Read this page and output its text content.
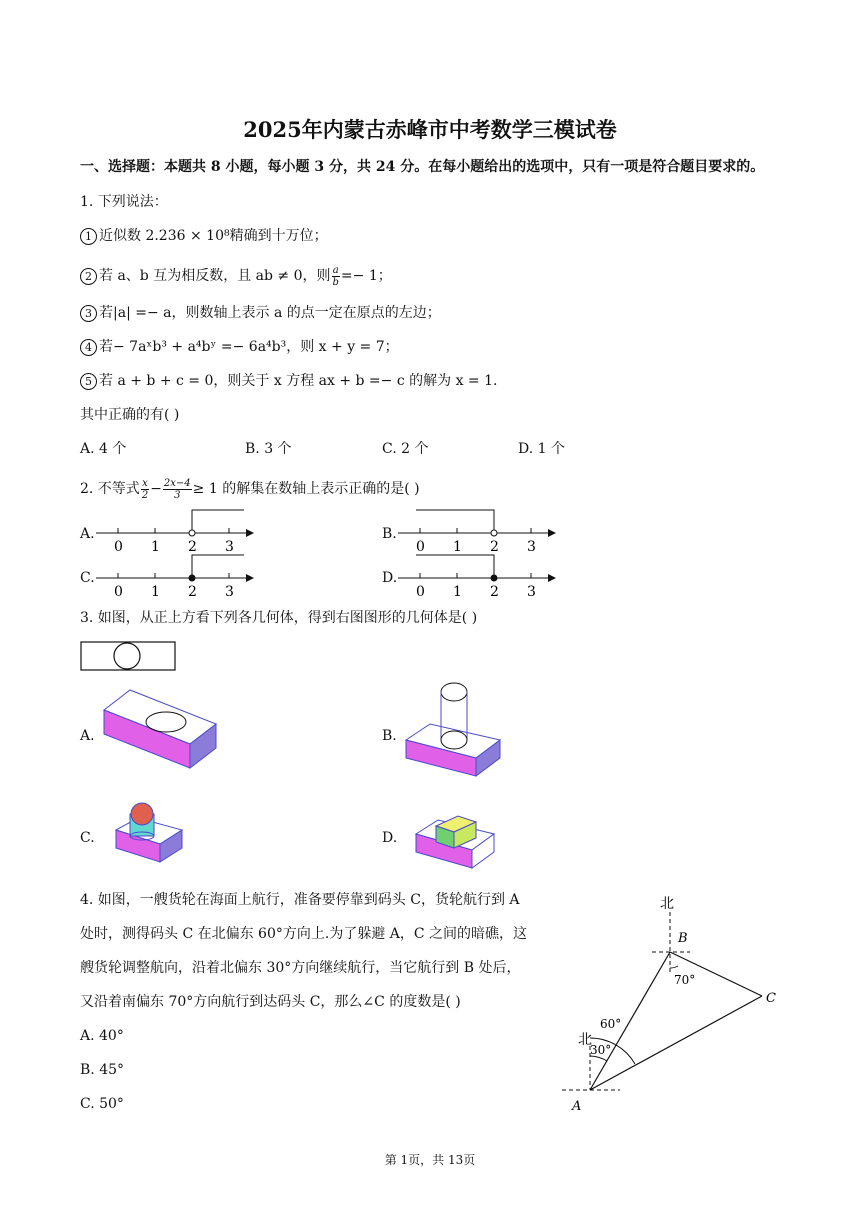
2025年内蒙古赤峰市中考数学三模试卷
一、选择题：本题共 8 小题，每小题 3 分，共 24 分。在每小题给出的选项中，只有一项是符合题目要求的。
1. 下列说法：
1 近似数 2.236 × 10⁸精确到十万位；
2 若 a、b 互为相反数，且 ab ≠ 0，则 $\frac{a}{b} =- 1$；
3 若|a| =− a，则数轴上表示 a 的点一定在原点的左边；
4 若− 7aˣb³ + a⁴bʸ =− 6a⁴b³，则 x + y = 7；
5 若 a + b + c = 0，则关于 x 方程 ax + b =− c 的解为 x = 1.
其中正确的有( )
A. 4 个	B. 3 个	C. 2 个	D. 1 个
2. 不等式 $\frac{x}{2} - \frac{2x-4}{3} \ge 1$ 的解集在数轴上表示正确的是( )
A.	B.
C.	D.
0 1 2 3	0 1 2 3
0 1 2 3	0 1 2 3
3. 如图，从正上方看下列各几何体，得到右图图形的几何体是( )
A.	B.
C.	D.
4. 如图，一艘货轮在海面上航行，准备要停靠到码头 C，货轮航行到 A
处时，测得码头 C 在北偏东 60°方向上.为了躲避 A，C 之间的暗礁，这
艘货轮调整航向，沿着北偏东 30°方向继续航行，当它航行到 B 处后，
又沿着南偏东 70°方向航行到达码头 C，那么∠C 的度数是( )
A. 40°
B. 45°
C. 50°
北
北
B
C
A
70°
60°
30°
第 1页，共 13页
